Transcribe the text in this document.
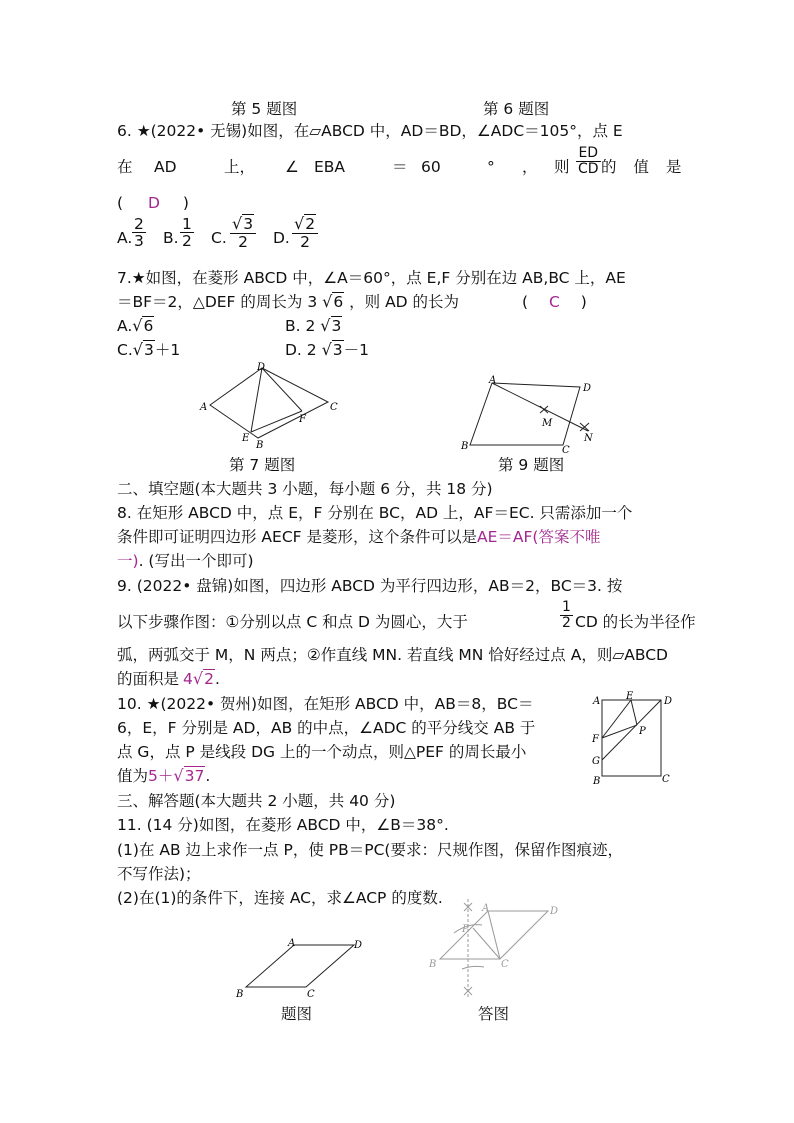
第 5 题图	第 6 题图
6. ★(2022• 无锡)如图，在▱ABCD 中，AD＝BD，∠ADC＝105°，点 E
在 AD	上， ∠ EBA	＝ 60	° ， 则 $\frac{ED}{CD}$ 的 值 是
( D )
A. $\frac{2}{3} B$. $\frac{1}{2} C$. $\frac{√3}{2} D$. $\frac{√2}{2}$
7.★如图，在菱形 ABCD 中，∠A＝60°，点 E,F 分别在边 AB,BC 上，AE
＝BF＝2，△DEF 的周长为 3 √6 ，则 AD 的长为	( C )
A.√6	B. 2 √3
C.√3＋1	D. 2 √3－1
A
D
C
B
E
F
A
D
B	C
M
N
第 7 题图	第 9 题图
二、填空题(本大题共 3 小题，每小题 6 分，共 18 分)
8. 在矩形 ABCD 中，点 E，F 分别在 BC，AD 上，AF＝EC. 只需添加一个
条件即可证明四边形 AECF 是菱形，这个条件可以是AE＝AF(答案不唯
一). (写出一个即可)
9. (2022• 盘锦)如图，四边形 ABCD 为平行四边形，AB＝2，BC＝3. 按
以下步骤作图：①分别以点 C 和点 D 为圆心，大于	$\frac{1}{2}$ CD 的长为半径作
弧，两弧交于 M，N 两点；②作直线 MN. 若直线 MN 恰好经过点 A，则▱ABCD
的面积是 4√2.
10. ★(2022• 贺州)如图，在矩形 ABCD 中，AB＝8，BC＝
6，E，F 分别是 AD，AB 的中点，∠ADC 的平分线交 AB 于
点 G，点 P 是线段 DG 上的一个动点，则△PEF 的周长最小
值为5＋√37.
A	E	D
F
P
G
B	C
三、解答题(本大题共 2 小题，共 40 分)
11. (14 分)如图，在菱形 ABCD 中，∠B＝38°.
(1)在 AB 边上求作一点 P，使 PB＝PC(要求：尺规作图，保留作图痕迹，
不写作法)；
(2)在(1)的条件下，连接 AC，求∠ACP 的度数.
A	D
B	C
A	D
P
B	C
题图	答图
